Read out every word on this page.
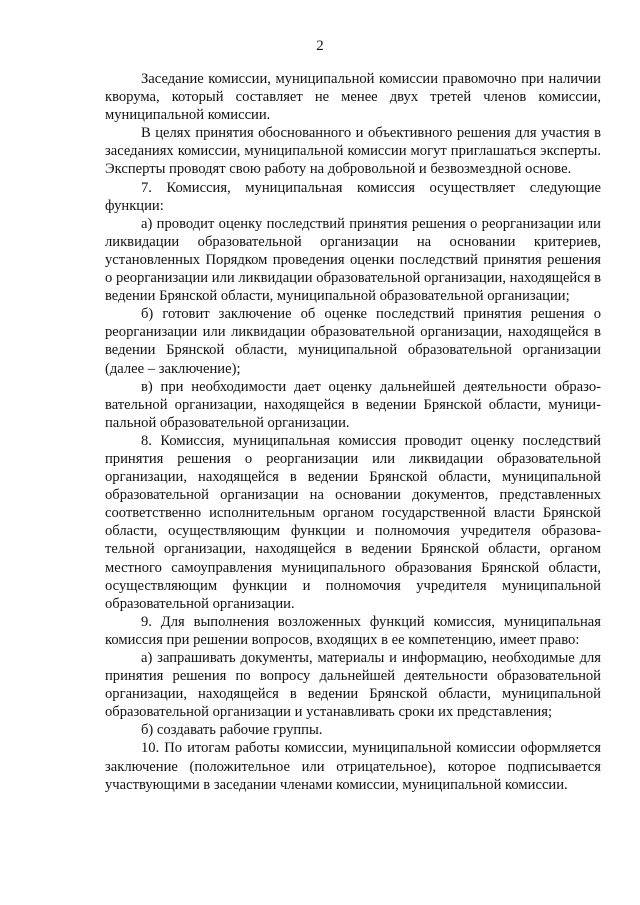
2

Заседание комиссии, муниципальной комиссии правомочно при наличии кворума, который составляет не менее двух третей членов комиссии, муниципальной комиссии.

В целях принятия обоснованного и объективного решения для участия в заседаниях комиссии, муниципальной комиссии могут приглашаться эксперты. Эксперты проводят свою работу на добровольной и безвозмездной основе.

7. Комиссия, муниципальная комиссия осуществляет следующие функции:

а) проводит оценку последствий принятия решения о реорганизации или ликвидации образовательной организации на основании критериев, установленных Порядком проведения оценки последствий принятия решения о реорганизации или ликвидации образовательной организации, находящейся в ведении Брянской области, муниципальной образовательной организации;

б) готовит заключение об оценке последствий принятия решения о реорганизации или ликвидации образовательной организации, находящейся в ведении Брянской области, муниципальной образовательной организации (далее – заключение);

в) при необходимости дает оценку дальнейшей деятельности образовательной организации, находящейся в ведении Брянской области, муниципальной образовательной организации.

8. Комиссия, муниципальная комиссия проводит оценку последствий принятия решения о реорганизации или ликвидации образовательной организации, находящейся в ведении Брянской области, муниципальной образовательной организации на основании документов, представленных соответственно исполнительным органом государственной власти Брянской области, осуществляющим функции и полномочия учредителя образовательной организации, находящейся в ведении Брянской области, органом местного самоуправления муниципального образования Брянской области, осуществляющим функции и полномочия учредителя муниципальной образовательной организации.

9. Для выполнения возложенных функций комиссия, муниципальная комиссия при решении вопросов, входящих в ее компетенцию, имеет право:

а) запрашивать документы, материалы и информацию, необходимые для принятия решения по вопросу дальнейшей деятельности образовательной организации, находящейся в ведении Брянской области, муниципальной образовательной организации и устанавливать сроки их представления;

б) создавать рабочие группы.

10. По итогам работы комиссии, муниципальной комиссии оформляется заключение (положительное или отрицательное), которое подписывается участвующими в заседании членами комиссии, муниципальной комиссии.
